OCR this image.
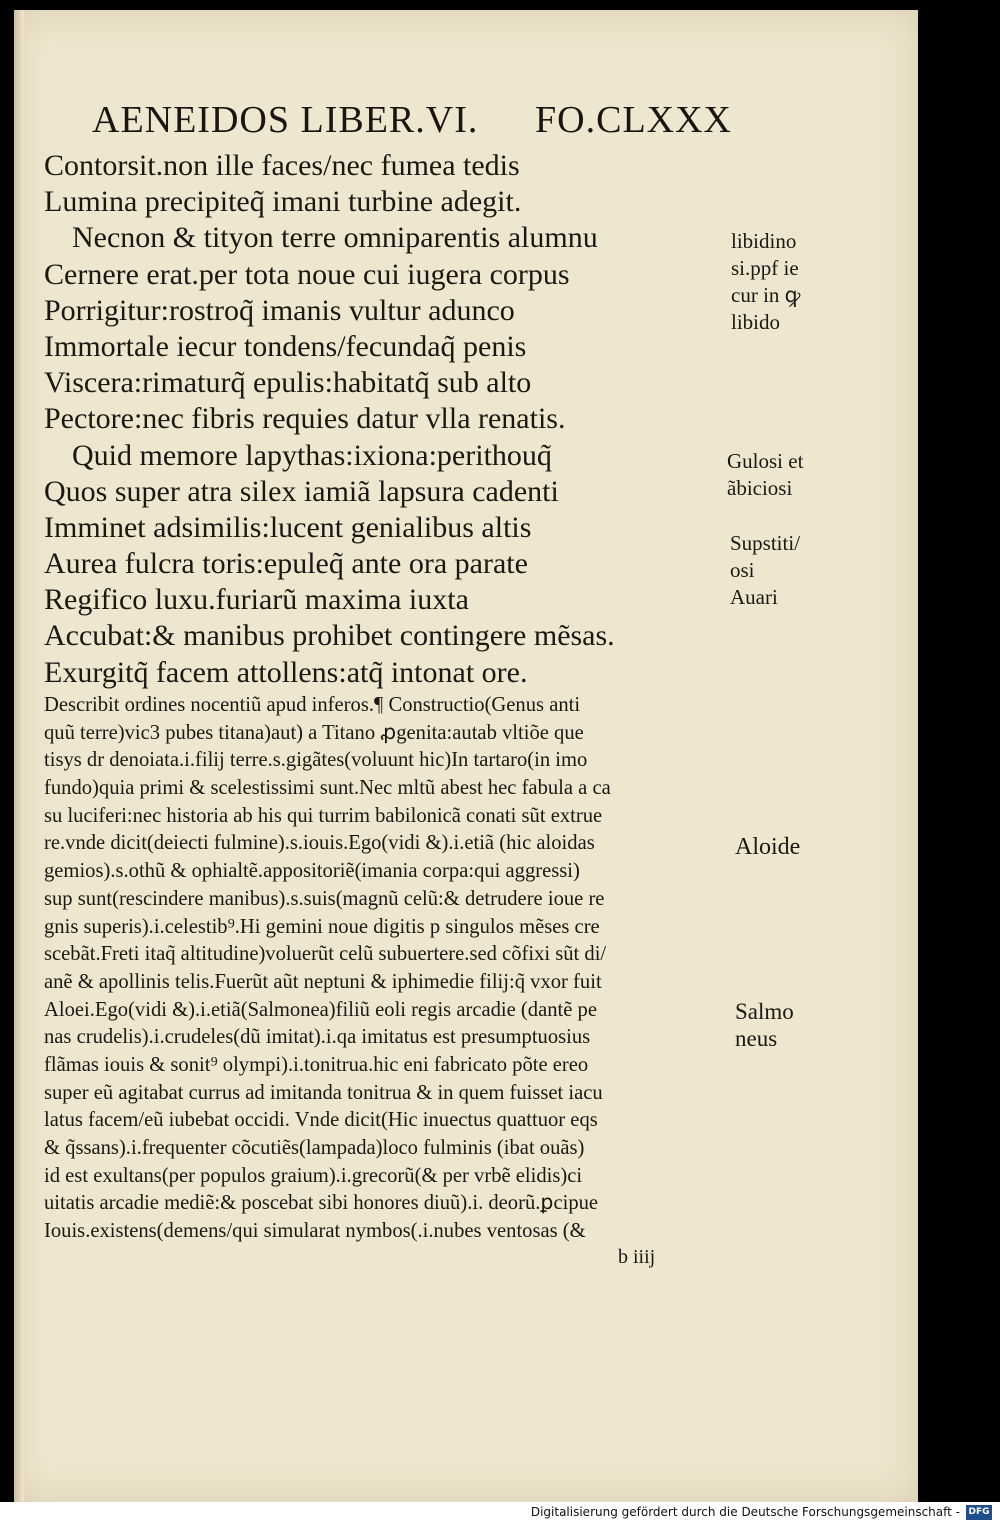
AENEIDOS LIBER.VI. FO.CLXXX
Contorsit.non ille faces/nec fumea tedis
Lumina precipiteq̃ imani turbine adegit.
Necnon & tityon terre omniparentis alumnu
Cernere erat.per tota noue cui iugera corpus
Porrigitur:rostroq̃ imanis vultur adunco
Immortale iecur tondens/fecundaq̃ penis
Viscera:rimaturq̃ epulis:habitatq̃ sub alto
Pectore:nec fibris requies datur vlla renatis.
Quid memore lapythas:ixiona:perithouq̃
Quos super atra silex iamiã lapsura cadenti
Imminet adsimilis:lucent genialibus altis
Aurea fulcra toris:epuleq̃ ante ora parate
Regifico luxu.furiarũ maxima iuxta
Accubat:& manibus prohibet contingere mẽsas.
Exurgitq̃ facem attollens:atq̃ intonat ore.
Describit ordines nocentiũ apud inferos.¶ Constructio(Genus anti
quũ terre)vic3 pubes titana)aut) a Titano ꝓgenita:autab vltiõe que
tisys dr denoiata.i.filij terre.s.gigãtes(voluunt hic)In tartaro(in imo
fundo)quia primi & scelestissimi sunt.Nec mltũ abest hec fabula a ca
su luciferi:nec historia ab his qui turrim babilonicã conati sũt extrue
re.vnde dicit(deiecti fulmine).s.iouis.Ego(vidi &).i.etiã (hic aloidas
gemios).s.othũ & ophialtẽ.appositoriẽ(imania corpa:qui aggressi)
sup sunt(rescindere manibus).s.suis(magnũ celũ:& detrudere ioue re
gnis superis).i.celestib⁹.Hi gemini noue digitis p singulos mẽses cre
scebãt.Freti itaq̃ altitudine)voluerũt celũ subuertere.sed cõfixi sũt di/
anẽ & apollinis telis.Fuerũt aũt neptuni & iphimedie filij:q̃ vxor fuit
Aloei.Ego(vidi &).i.etiã(Salmonea)filiũ eoli regis arcadie (dantẽ pe
nas crudelis).i.crudeles(dũ imitat).i.qa imitatus est presumptuosius
flãmas iouis & sonit⁹ olympi).i.tonitrua.hic eni fabricato põte ereo
super eũ agitabat currus ad imitanda tonitrua & in quem fuisset iacu
latus facem/eũ iubebat occidi. Vnde dicit(Hic inuectus quattuor eqs
& q̃ssans).i.frequenter cõcutiẽs(lampada)loco fulminis (ibat ouãs)
id est exultans(per populos graium).i.grecorũ(& per vrbẽ elidis)ci
uitatis arcadie mediẽ:& poscebat sibi honores diuũ).i. deorũ.ꝑcipue
Iouis.existens(demens/qui simularat nymbos(.i.nubes ventosas (&
b iiij
libidino
si.ppf ie
cur in ꝙ
libido
Gulosi et
ãbiciosi
Supstiti/
osi
Auari
Aloide
Salmo
neus
Digitalisierung gefördert durch die Deutsche Forschungsgemeinschaft - DFG
